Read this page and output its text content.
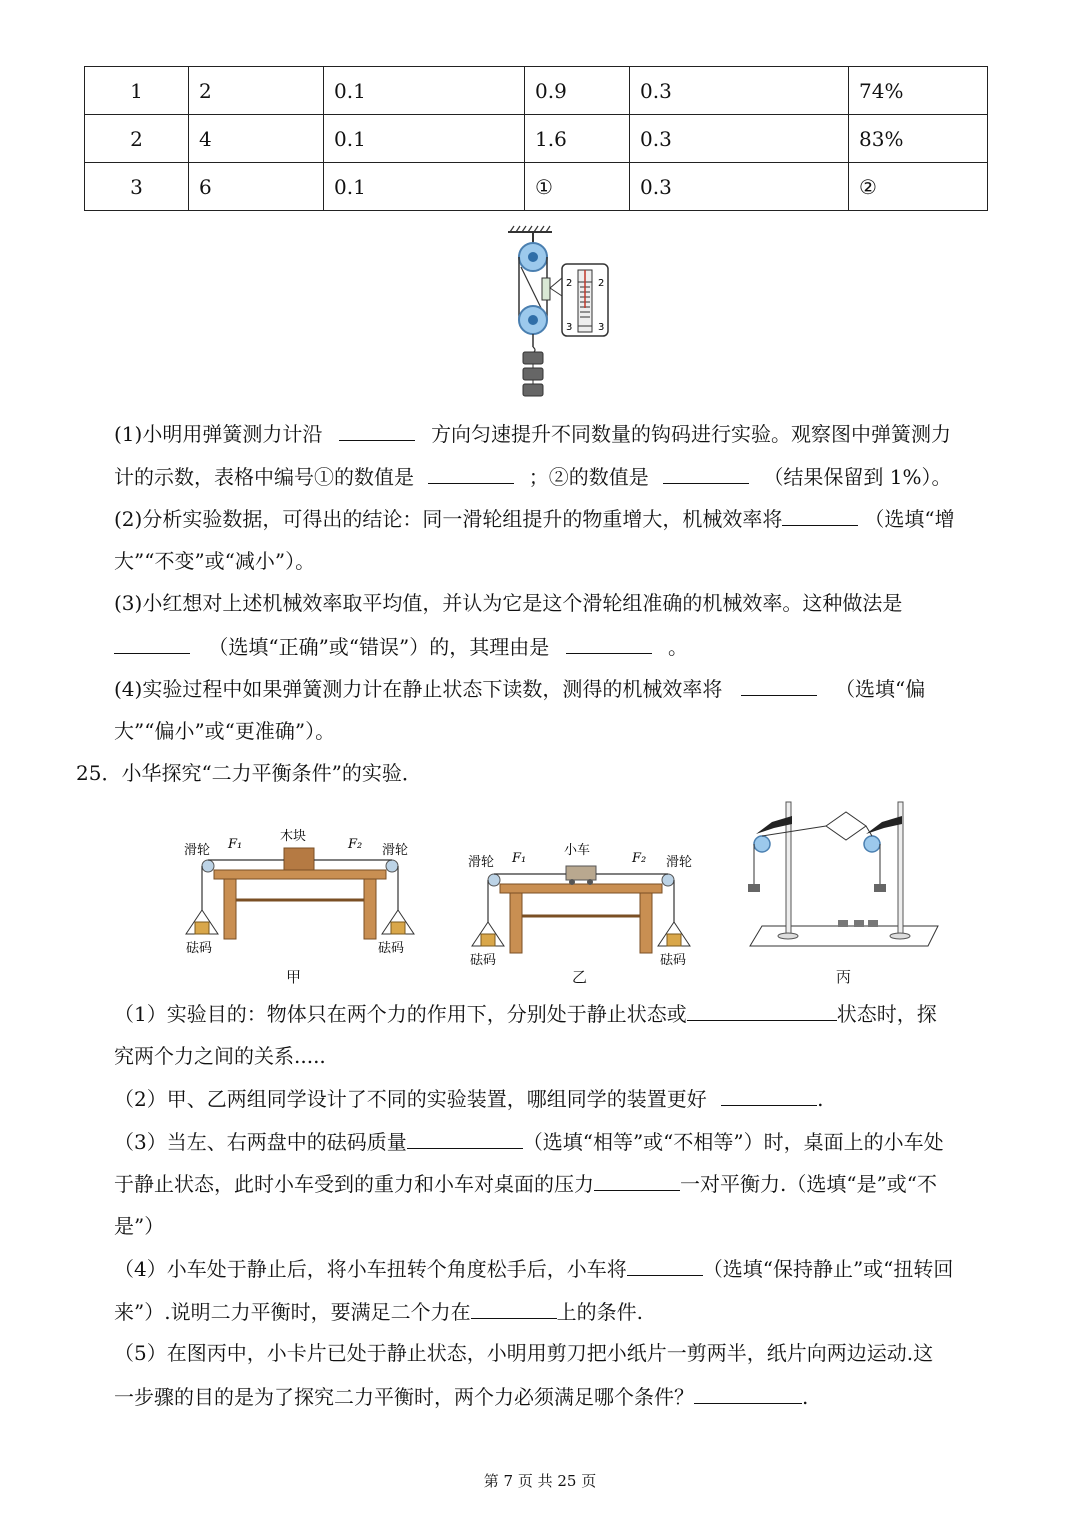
1	2	0.1	0.9	0.3	74%
2	4	0.1	1.6	0.3	83%
3	6	0.1	①	0.3	②
2	2
3	3
(1)小明用弹簧测力计沿	方向匀速提升不同数量的钩码进行实验。观察图中弹簧测力
计的示数，表格中编号①的数值是	；②的数值是	（结果保留到 1%）。
(2)分析实验数据，可得出的结论：同一滑轮组提升的物重增大，机械效率将	（选填“增
大”“不变”或“减小”）。
(3)小红想对上述机械效率取平均值，并认为它是这个滑轮组准确的机械效率。这种做法是
（选填“正确”或“错误”）的，其理由是	。
(4)实验过程中如果弹簧测力计在静止状态下读数，测得的机械效率将	（选填“偏
大”“偏小”或“更准确”）。
25．小华探究“二力平衡条件”的实验．
滑轮	滑轮
F₁	F₂
木块
砝码	砝码
甲
滑轮	滑轮
F₁	F₂
小车
砝码	砝码
乙	丙
（1）实验目的：物体只在两个力的作用下，分别处于静止状态或	状态时，探
究两个力之间的关系.....
（2）甲、乙两组同学设计了不同的实验装置，哪组同学的装置更好	.
（3）当左、右两盘中的砝码质量	（选填“相等”或“不相等”）时，桌面上的小车处
于静止状态，此时小车受到的重力和小车对桌面的压力	一对平衡力.（选填“是”或“不
是”）
（4）小车处于静止后，将小车扭转个角度松手后，小车将	（选填“保持静止”或“扭转回
来”）.说明二力平衡时，要满足二个力在	上的条件.
（5）在图丙中，小卡片已处于静止状态，小明用剪刀把小纸片一剪两半，纸片向两边运动.这
一步骤的目的是为了探究二力平衡时，两个力必须满足哪个条件？	.
第 7 页 共 25 页
